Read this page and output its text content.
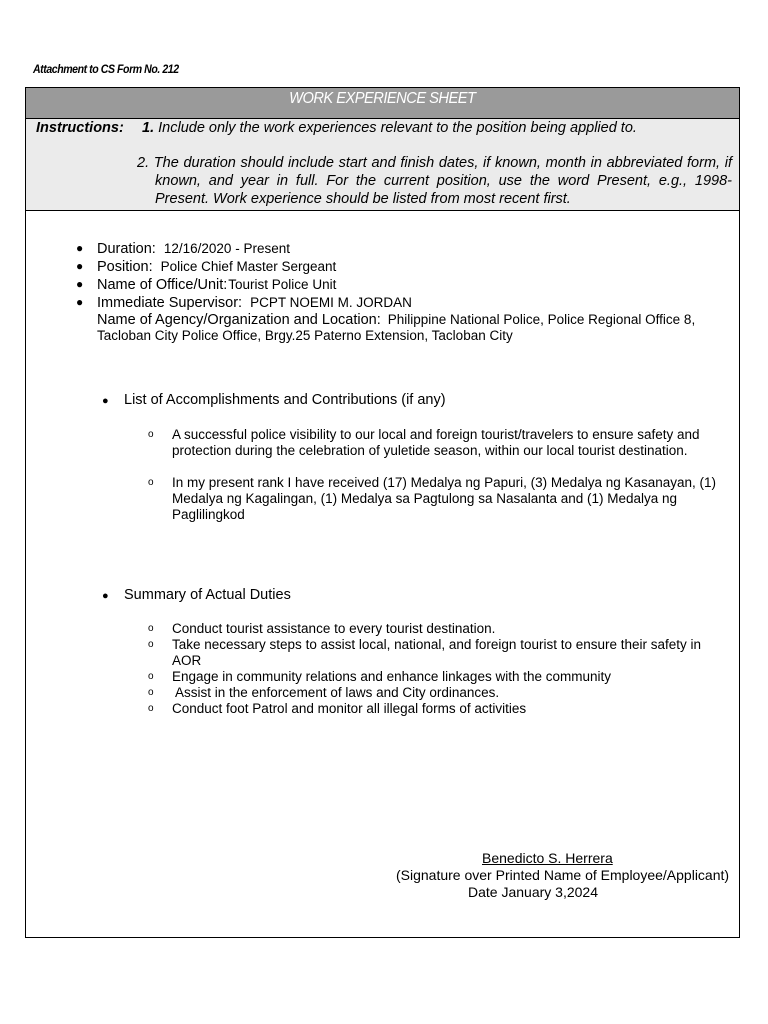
Attachment to CS Form No. 212
WORK EXPERIENCE SHEET
Instructions: 1. Include only the work experiences relevant to the position being applied to.
2. The duration should include start and finish dates, if known, month in abbreviated form, if known, and year in full. For the current position, use the word Present, e.g., 1998-Present. Work experience should be listed from most recent first.
● Duration: 12/16/2020 - Present
● Position: Police Chief Master Sergeant
● Name of Office/Unit:Tourist Police Unit
● Immediate Supervisor: PCPT NOEMI M. JORDAN
Name of Agency/Organization and Location: Philippine National Police, Police Regional Office 8, Tacloban City Police Office, Brgy.25 Paterno Extension, Tacloban City
● List of Accomplishments and Contributions (if any)
o A successful police visibility to our local and foreign tourist/travelers to ensure safety and protection during the celebration of yuletide season, within our local tourist destination.
o In my present rank I have received (17) Medalya ng Papuri, (3) Medalya ng Kasanayan, (1) Medalya ng Kagalingan, (1) Medalya sa Pagtulong sa Nasalanta and (1) Medalya ng Paglilingkod
● Summary of Actual Duties
o Conduct tourist assistance to every tourist destination.
o Take necessary steps to assist local, national, and foreign tourist to ensure their safety in AOR
o Engage in community relations and enhance linkages with the community
o Assist in the enforcement of laws and City ordinances.
o Conduct foot Patrol and monitor all illegal forms of activities
Benedicto S. Herrera
(Signature over Printed Name of Employee/Applicant)
Date January 3,2024
